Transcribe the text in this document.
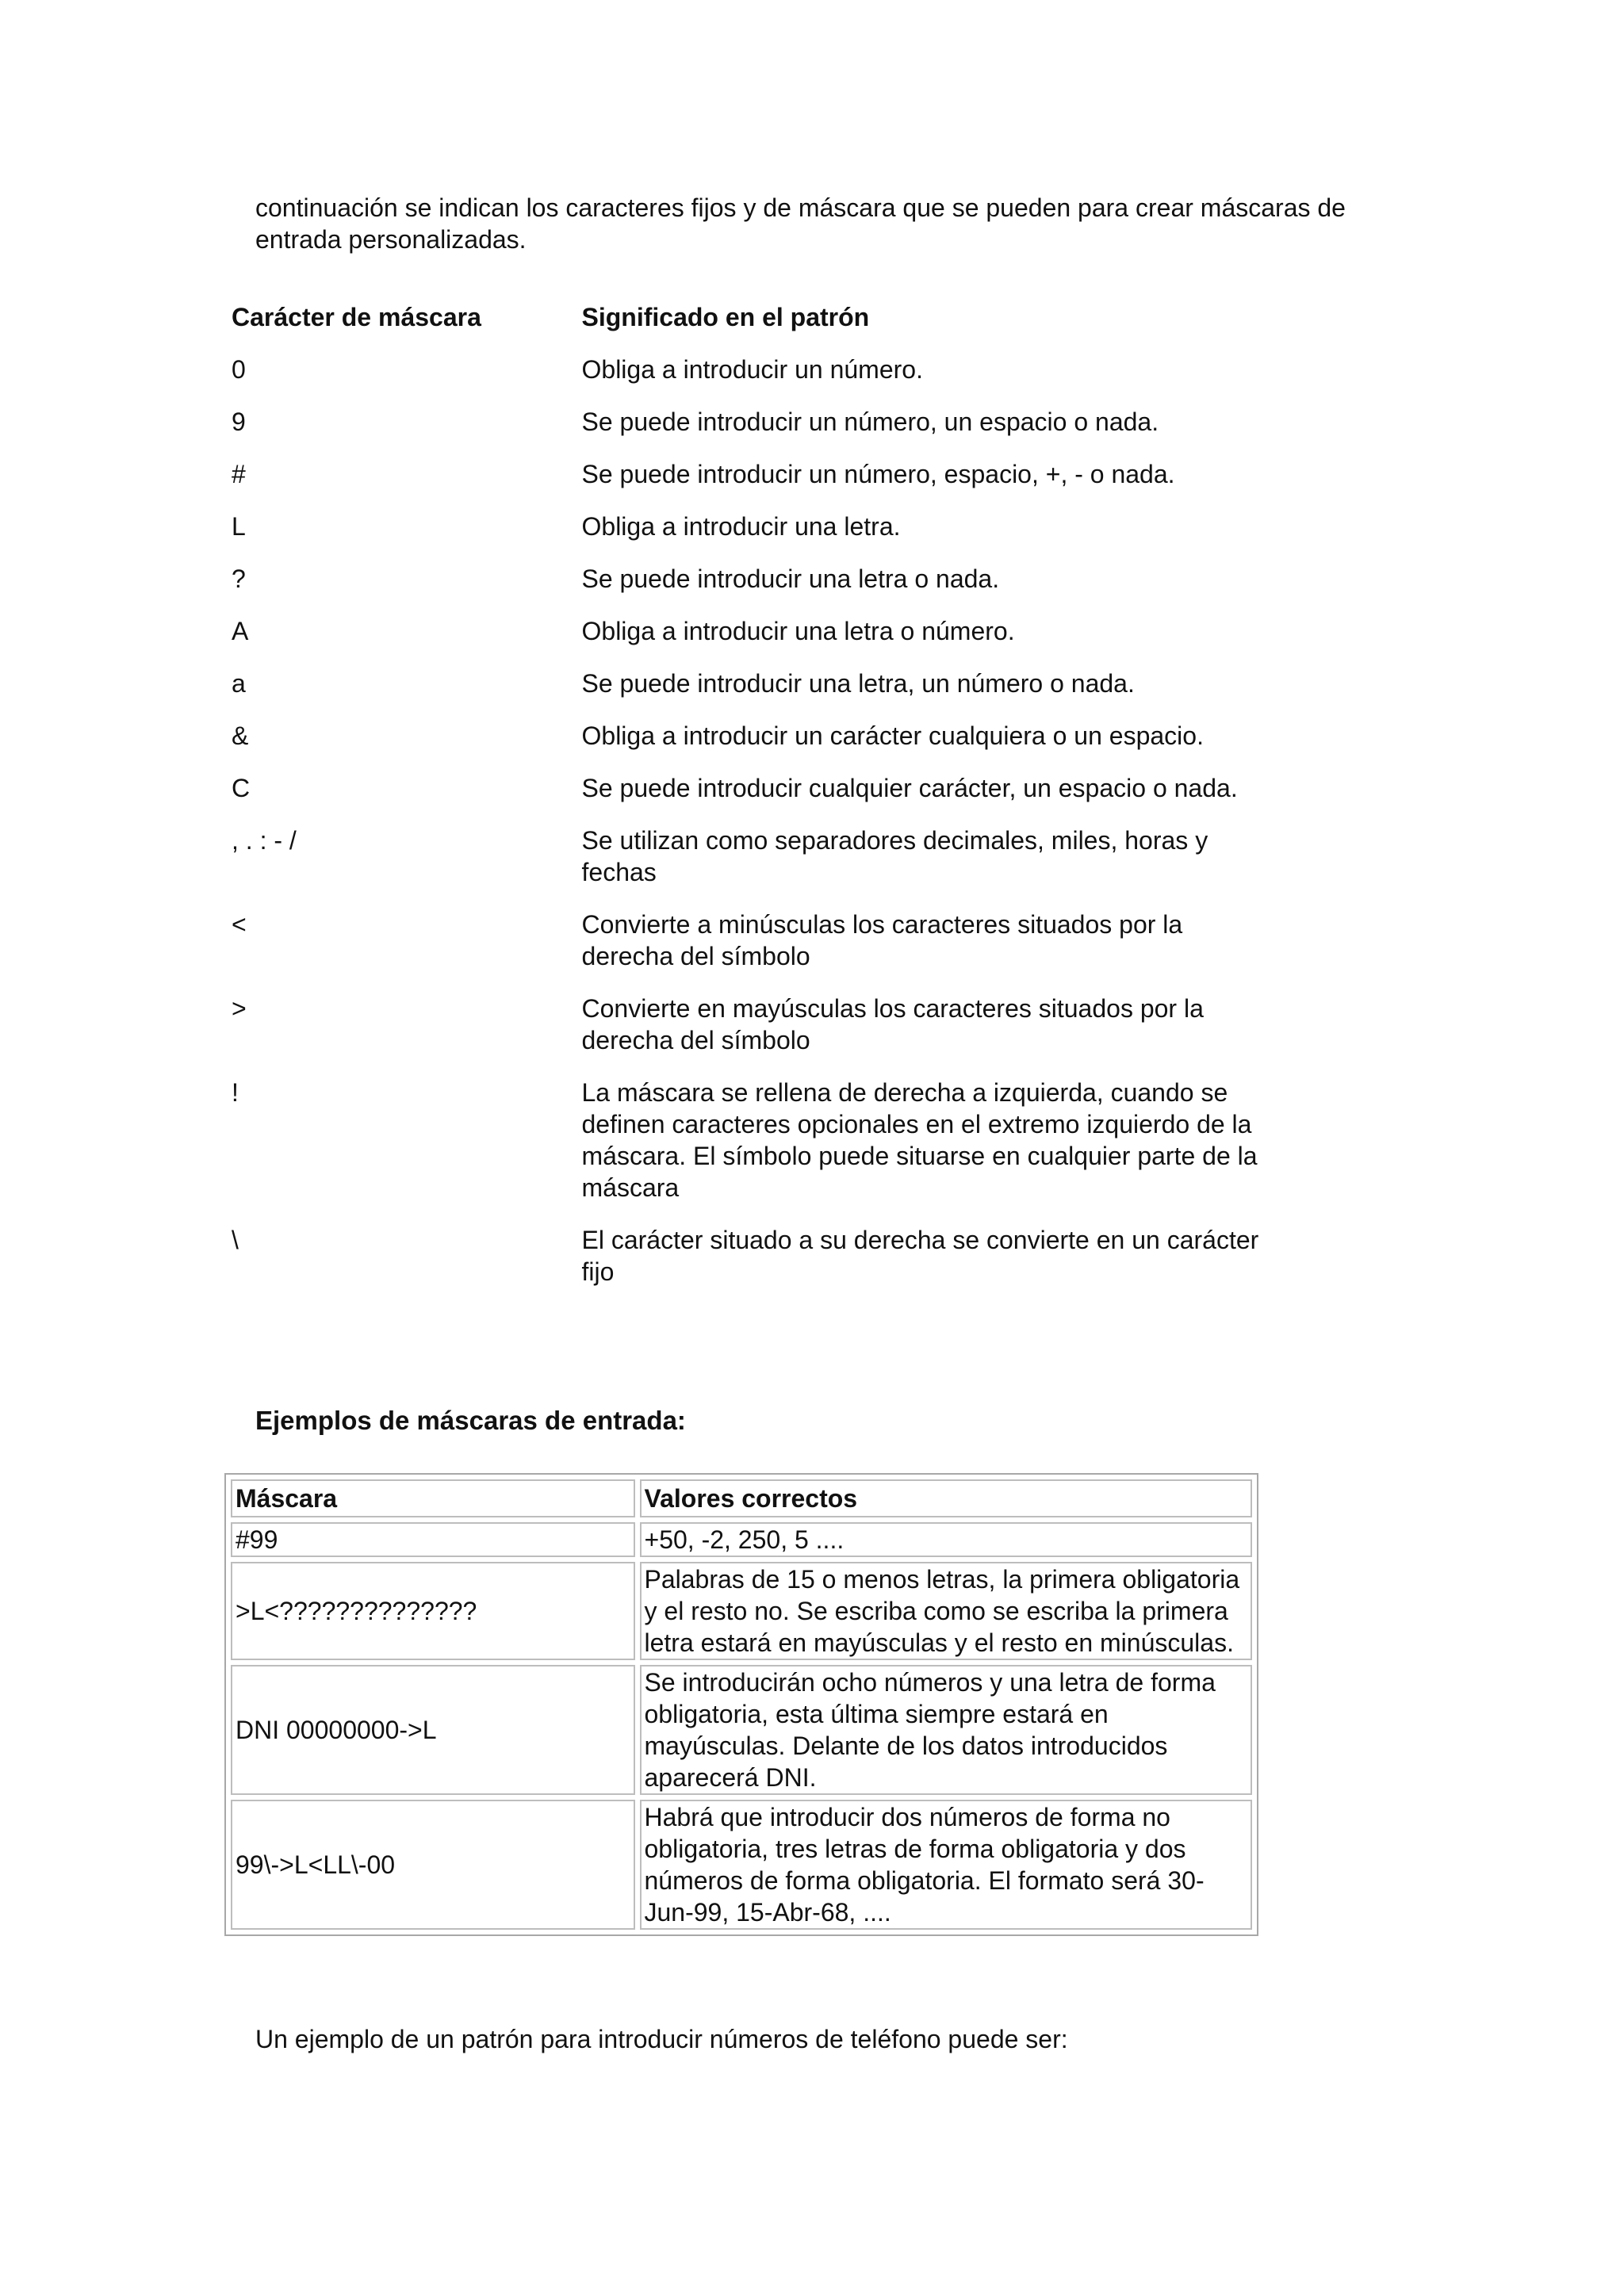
continuación se indican los caracteres fijos y de máscara que se pueden para crear máscaras de entrada personalizadas.

Carácter de máscara	Significado en el patrón
0	Obliga a introducir un número.
9	Se puede introducir un número, un espacio o nada.
#	Se puede introducir un número, espacio, +, - o nada.
L	Obliga a introducir una letra.
?	Se puede introducir una letra o nada.
A	Obliga a introducir una letra o número.
a	Se puede introducir una letra, un número o nada.
&	Obliga a introducir un carácter cualquiera o un espacio.
C	Se puede introducir cualquier carácter, un espacio o nada.
, . : - /	Se utilizan como separadores decimales, miles, horas y fechas
<	Convierte a minúsculas los caracteres situados por la derecha del símbolo
>	Convierte en mayúsculas los caracteres situados por la derecha del símbolo
!	La máscara se rellena de derecha a izquierda, cuando se definen caracteres opcionales en el extremo izquierdo de la máscara. El símbolo puede situarse en cualquier parte de la máscara
\	El carácter situado a su derecha se convierte en un carácter fijo

Ejemplos de máscaras de entrada:

Máscara	Valores correctos
#99	+50, -2, 250, 5 ....
>L<??????????????	Palabras de 15 o menos letras, la primera obligatoria y el resto no. Se escriba como se escriba la primera letra estará en mayúsculas y el resto en minúsculas.
DNI 00000000->L	Se introducirán ocho números y una letra de forma obligatoria, esta última siempre estará en mayúsculas. Delante de los datos introducidos aparecerá DNI.
99\->L<LL\-00	Habrá que introducir dos números de forma no obligatoria, tres letras de forma obligatoria y dos números de forma obligatoria. El formato será 30-Jun-99, 15-Abr-68, ....

Un ejemplo de un patrón para introducir números de teléfono puede ser:
